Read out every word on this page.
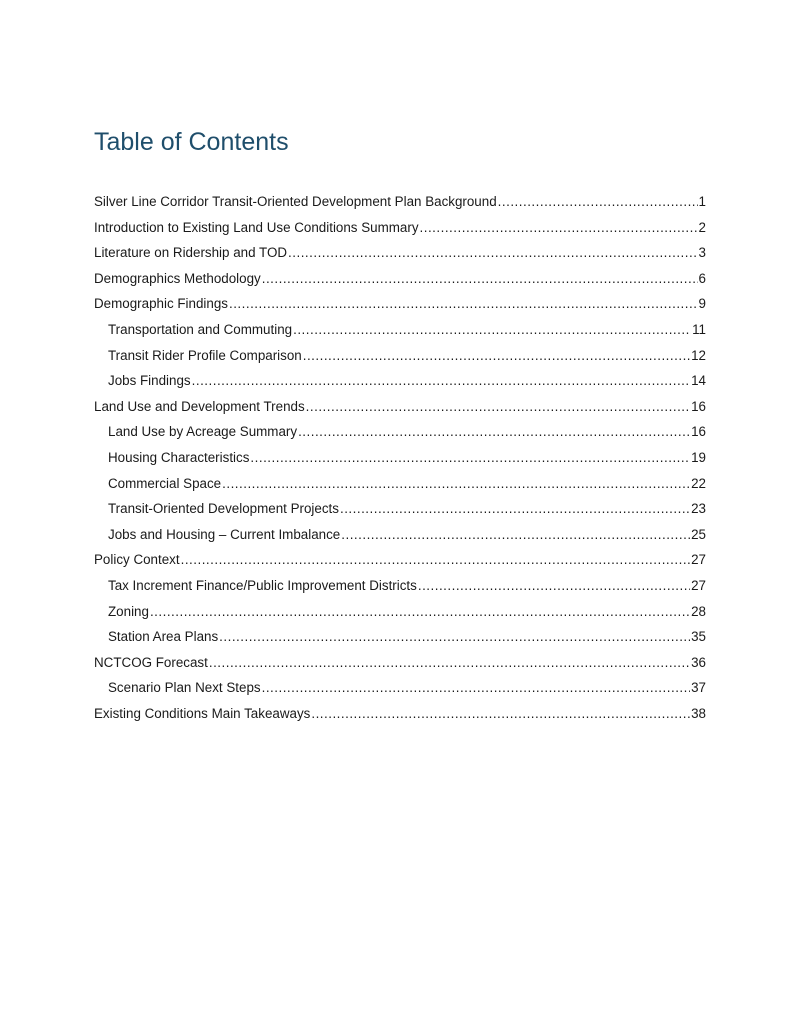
Table of Contents
Silver Line Corridor Transit-Oriented Development Plan Background .....	1
Introduction to Existing Land Use Conditions Summary .....	2
Literature on Ridership and TOD .....	3
Demographics Methodology .....	6
Demographic Findings .....	9
Transportation and Commuting .....	11
Transit Rider Profile Comparison .....	12
Jobs Findings .....	14
Land Use and Development Trends .....	16
Land Use by Acreage Summary .....	16
Housing Characteristics .....	19
Commercial Space .....	22
Transit-Oriented Development Projects .....	23
Jobs and Housing – Current Imbalance .....	25
Policy Context .....	27
Tax Increment Finance/Public Improvement Districts .....	27
Zoning .....	28
Station Area Plans .....	35
NCTCOG Forecast .....	36
Scenario Plan Next Steps .....	37
Existing Conditions Main Takeaways .....	38
